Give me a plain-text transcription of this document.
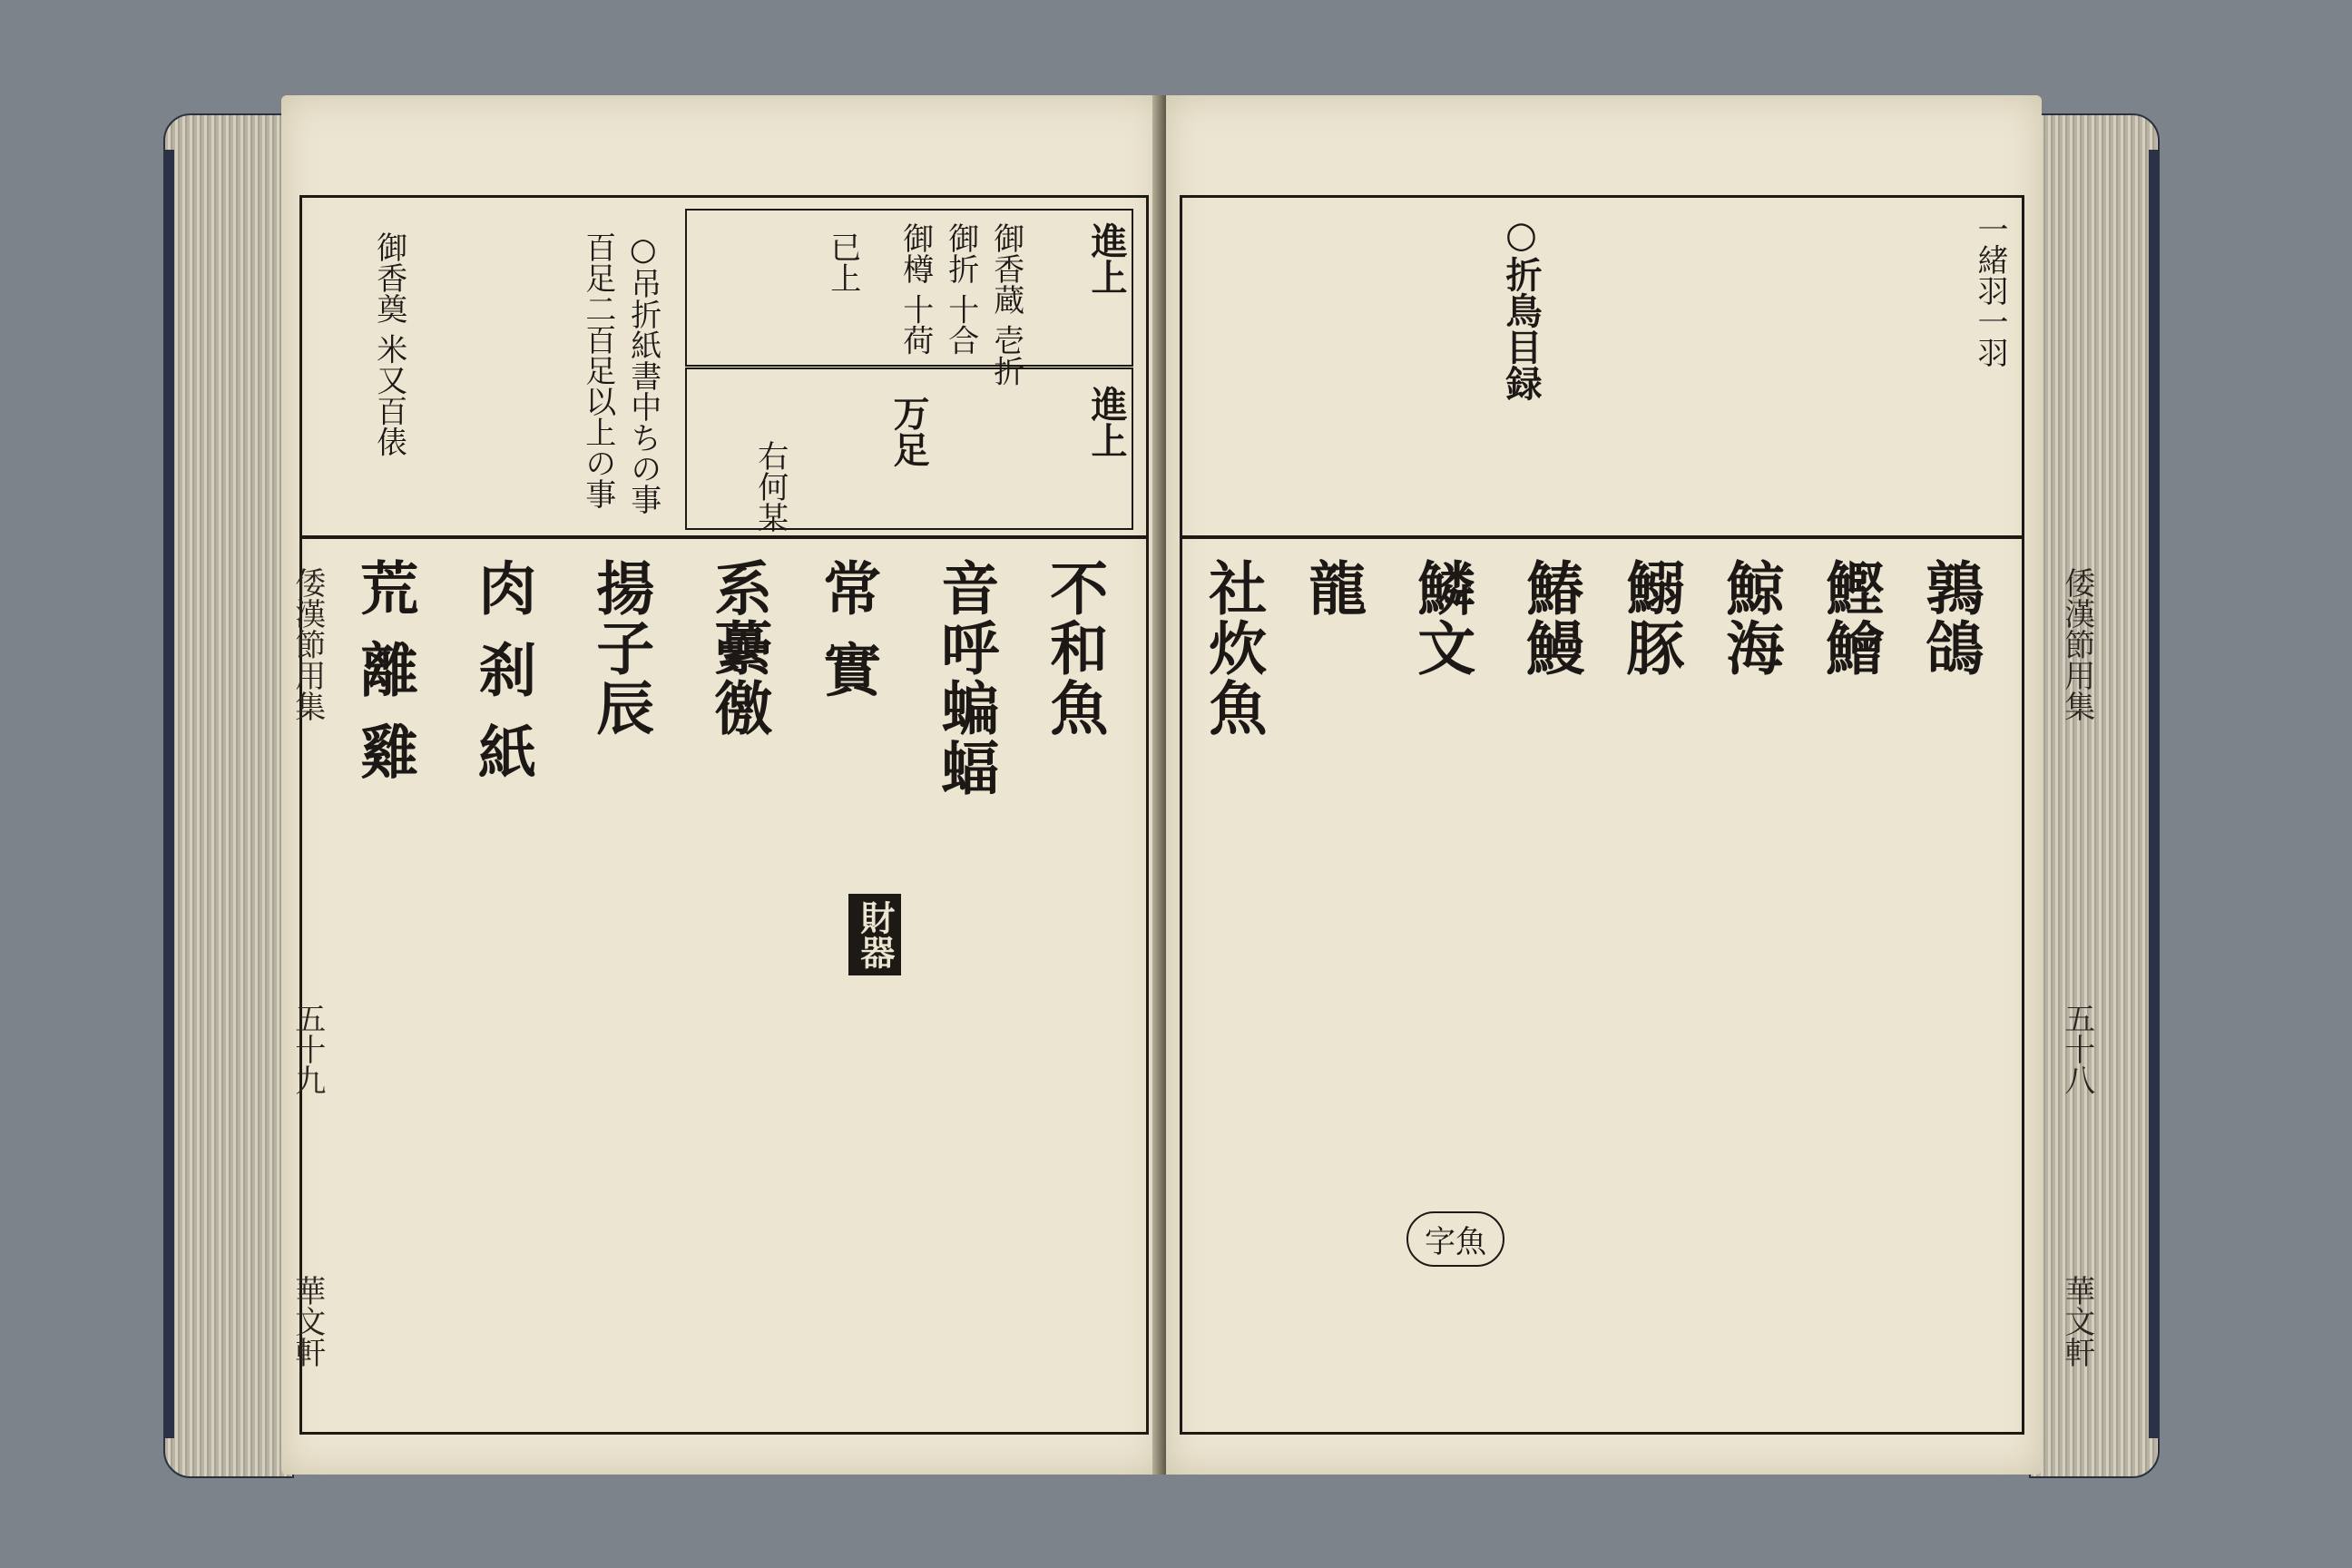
進上
進上
御香蔵 壱折
御折 十合
御樽 十荷
已上
万足
右何某
○吊折紙書中ちの事
百足二百足以上の事
御香奠 米又百俵
不和魚
音呼蝙蝠
常 實
系虆徼
揚子辰
肉 刹 紙
荒 離 雞
財器
倭漢節用集
五十九
華文軒
一緒羽一羽
○折鳥目録
鶉鴿
鰹鱠
鯨海
鰯豚
鰆鰻
鱗文
龍
社炊魚
字魚
倭漢節用集
五十八
華文軒
